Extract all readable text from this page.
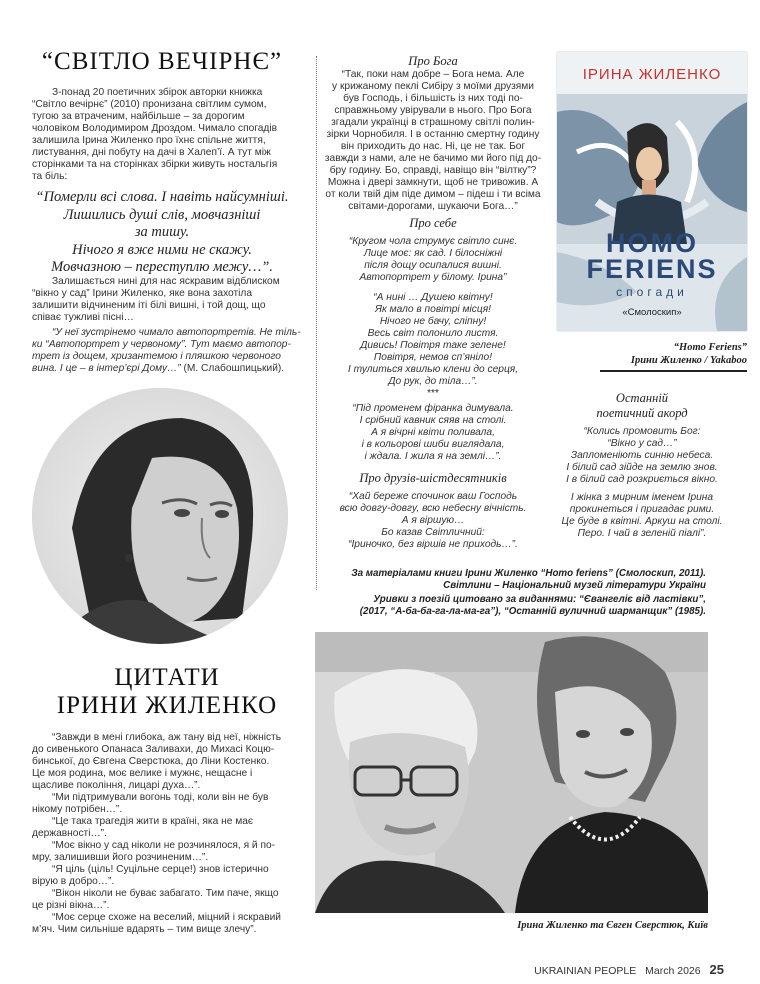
“СВІТЛО ВЕЧІРНЄ”
З-понад 20 поетичних збірок авторки книжка
“Світло вечірнє” (2010) пронизана світлим сумом,
тугою за втраченим, найбільше – за дорогим
чоловіком Володимиром Дроздом. Чимало спогадів
залишила Ірина Жиленко про їхнє спільне життя,
листування, дні побуту на дачі в Халеп’ї. А тут між
сторінками та на сторінках збірки живуть ностальгія
та біль:
“Померли всі слова. І навіть найсумніші.
Лишились душі слів, мовчазніші
за тишу.
Нічого я вже ними не скажу.
Мовчазною – переступлю межу…”.
Залишається нині для нас яскравим відблиском
“вікно у сад” Ірини Жиленко, яке вона захотіла
залишити відчиненим іті білі вишні, і той дощ, що
співає тужливі пісні…
“У неї зустрінемо чимало автопортретів. Не тіль-
ки “Автопортрет у червоному”. Тут маємо автопор-
трет із дощем, хризантемою і пляшкою червоного
вина. І це – в інтер’єрі Дому…” (М. Слабошпицький).
ЦИТАТИ
ІРИНИ ЖИЛЕНКО
“Завжди в мені глибока, аж тану від неї, ніжність
до сивенького Опанаса Заливахи, до Михасі Коцю-
бинської, до Євгена Сверстюка, до Ліни Костенко.
Це моя родина, моє велике і мужнє, нещасне і
щасливе покоління, лицарі духа…”.
“Ми підтримували вогонь тоді, коли він не був
нікому потрібен…”.
“Це така трагедія жити в країні, яка не має
державності…”.
“Моє вікно у сад ніколи не розчинялося, я й по-
мру, залишивши його розчиненим…”.
“Я ціль (ціль! Суцільне серце!) знов істерично
вірую в добро…”.
“Вікон ніколи не буває забагато. Тим паче, якщо
це різні вікна…”.
“Моє серце схоже на веселий, міцний і яскравий
м’яч. Чим сильніше вдарять – тим вище злечу”.
Про Бога
“Так, поки нам добре – Бога нема. Але
у крижаному пеклі Сибіру з моїми друзями
був Господь, і більшість із них тоді по-
справжньому увірували в нього. Про Бога
згадали українці в страшному світлі полин-
зірки Чорнобиля. І в останню смертну годину
він приходить до нас. Ні, це не так. Бог
завжди з нами, але не бачимо ми його під до-
бру годину. Бо, справді, навіщо він “вілтку”?
Можна і двері замкнути, щоб не тривожив. А
от коли твій дім піде димом – підеш і ти всіма
світами-дорогами, шукаючи Бога…”
Про себе
“Кругом чола струмує світло синє.
Лице моє: як сад. І білосніжні
після дощу осипалися вишні.
Автопортрет у білому. Ірина”
“А нині … Душею квітну!
Як мало в повітрі місця!
Нічого не бачу, сліпну!
Весь світ полонило листя.
Дивись! Повітря таке зелене!
Повітря, немов сп’яніло!
І тулиться хвилью клени до серця,
До рук, до тіла…”.
***
“Під променем фіранка димувала.
І срібний кавник сяяв на столі.
А я вічрні квіти поливала,
і в кольорові шиби виглядала,
і ждала. І жила я на землі…”.
Про друзів-шістдесятників
“Хай береже спочинок ваш Господь
всю довгу-довгу, всю небесну вічність.
А я віршую…
Бо казав Світличний:
“Іриночко, без віршів не приходь…”.
ІРИНА ЖИЛЕНКО
HOMO
FERIENS
спогади
«Смолоскип»
“Homo Feriens”
Ірини Жиленко / Yakaboo
Останній
поетичний акорд
“Колись промовить Бог:
“Вікно у сад…”
Запломеніють синню небеса.
І білий сад зійде на землю знов.
І в білий сад розкриється вікно.
І жінка з мирним іменем Ірина
прокинеться і пригадає рими.
Це буде в квітні. Аркуш на столі.
Перо. І чай в зеленій піалі”.
За матеріалами книги Ірини Жиленко “Homo feriens” (Смолоскип, 2011).
Світлини – Національний музей літератури України
Уривки з поезій цитовано за виданнями: “Євангеліє від ластівки”,
(2017, “А-ба-ба-га-ла-ма-га”), “Останній вуличний шарманщик” (1985).
Ірина Жиленко та Євген Сверстюк, Київ
UKRAINIAN PEOPLE March 2026 25
